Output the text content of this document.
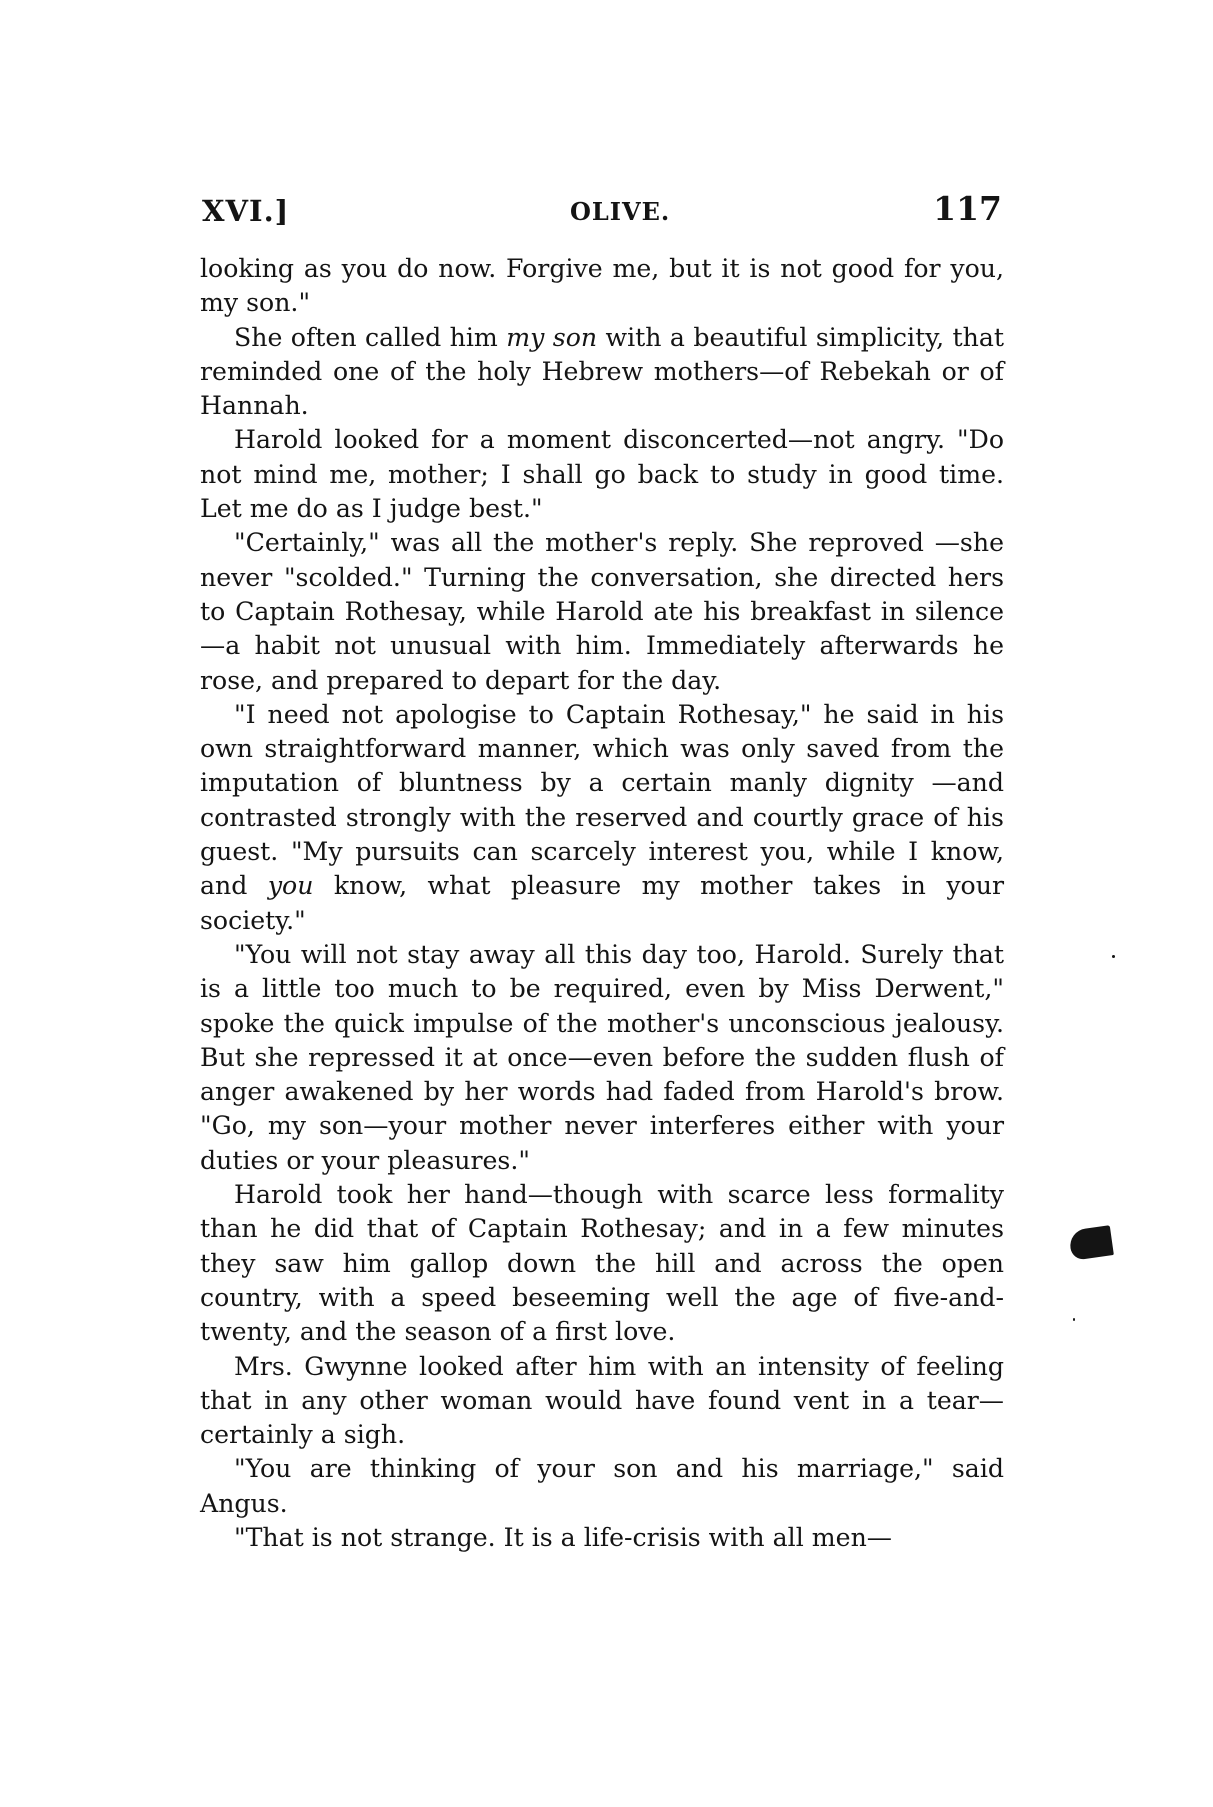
XVI.]	OLIVE.	117

looking as you do now. Forgive me, but it is not good for you, my son."

She often called him my son with a beautiful simplicity, that reminded one of the holy Hebrew mothers—of Rebekah or of Hannah.

Harold looked for a moment disconcerted—not angry. "Do not mind me, mother; I shall go back to study in good time. Let me do as I judge best."

"Certainly," was all the mother's reply. She reproved —she never "scolded." Turning the conversation, she directed hers to Captain Rothesay, while Harold ate his breakfast in silence—a habit not unusual with him. Immediately afterwards he rose, and prepared to depart for the day.

"I need not apologise to Captain Rothesay," he said in his own straightforward manner, which was only saved from the imputation of bluntness by a certain manly dignity —and contrasted strongly with the reserved and courtly grace of his guest. "My pursuits can scarcely interest you, while I know, and you know, what pleasure my mother takes in your society."

"You will not stay away all this day too, Harold. Surely that is a little too much to be required, even by Miss Derwent," spoke the quick impulse of the mother's unconscious jealousy. But she repressed it at once—even before the sudden flush of anger awakened by her words had faded from Harold's brow. "Go, my son—your mother never interferes either with your duties or your pleasures."

Harold took her hand—though with scarce less formality than he did that of Captain Rothesay; and in a few minutes they saw him gallop down the hill and across the open country, with a speed beseeming well the age of five-and-twenty, and the season of a first love.

Mrs. Gwynne looked after him with an intensity of feeling that in any other woman would have found vent in a tear—certainly a sigh.

"You are thinking of your son and his marriage," said Angus.

"That is not strange. It is a life-crisis with all men—
